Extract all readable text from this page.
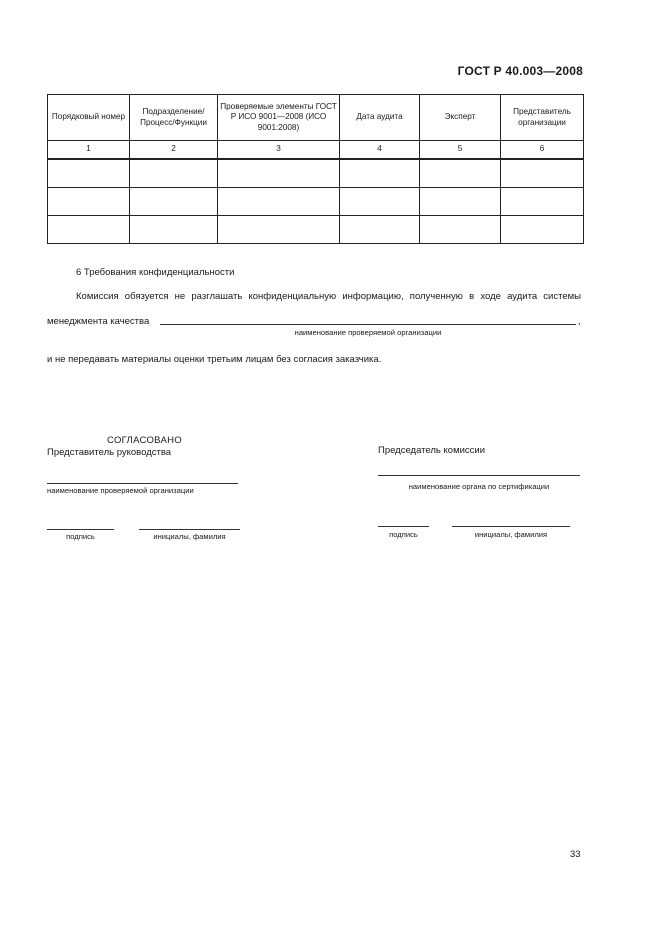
ГОСТ Р 40.003—2008
Порядковый номер	Подразделение/ Процесс/Функции	Проверяемые элементы ГОСТ Р ИСО 9001—2008 (ИСО 9001:2008)	Дата аудита	Эксперт	Представитель организации
1	2	3	4	5	6

6 Требования конфиденциальности
Комиссия обязуется не разглашать конфиденциальную информацию, полученную в ходе аудита системы
менеджмента качества	,
наименование проверяемой организации
и не передавать материалы оценки третьим лицам без согласия заказчика.
СОГЛАСОВАНО
Представитель руководства	Председатель комиссии
наименование проверяемой организации	наименование органа по сертификации
подпись	инициалы, фамилия	подпись	инициалы, фамилия
33
